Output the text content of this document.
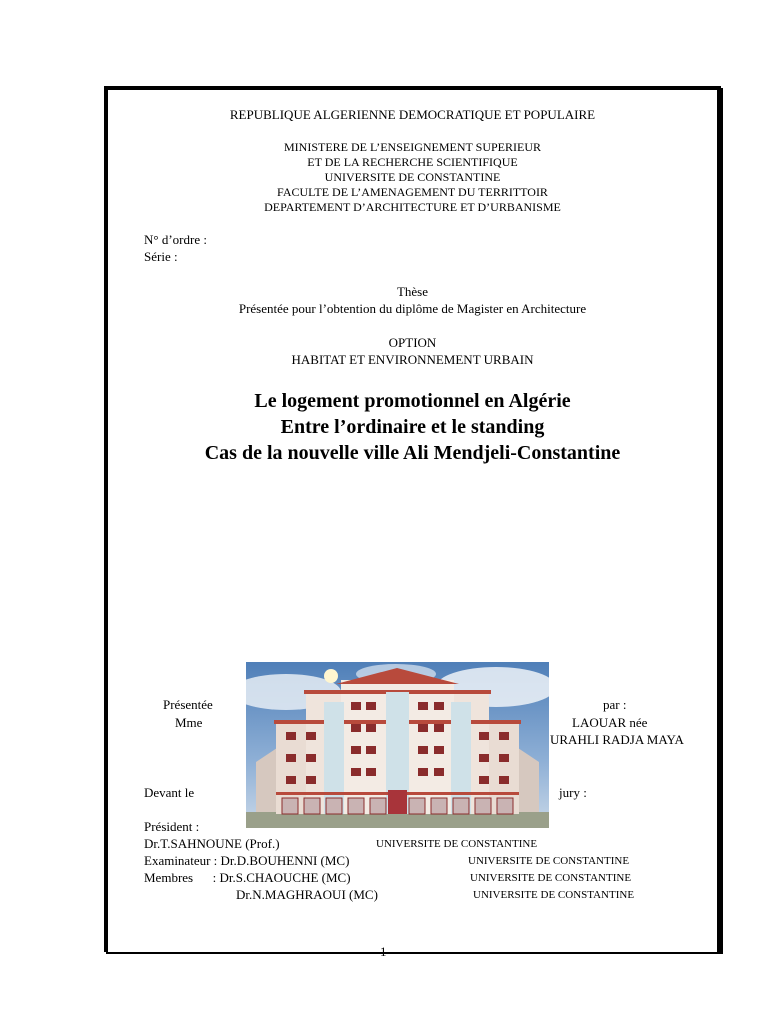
REPUBLIQUE ALGERIENNE DEMOCRATIQUE ET POPULAIRE
MINISTERE DE L’ENSEIGNEMENT SUPERIEUR
ET DE LA RECHERCHE SCIENTIFIQUE
UNIVERSITE DE CONSTANTINE
FACULTE DE L’AMENAGEMENT DU TERRITTOIR
DEPARTEMENT D’ARCHITECTURE ET D’URBANISME
N° d’ordre :
Série :
Thèse
Présentée pour l’obtention du diplôme de Magister en Architecture
OPTION
HABITAT ET ENVIRONNEMENT URBAIN
Le logement promotionnel en Algérie
Entre l’ordinaire et le standing
Cas de la nouvelle ville Ali Mendjeli-Constantine
Présentée	par :
Mme	LAOUAR née
URAHLI RADJA MAYA
Devant le	jury :
Président :
Dr.T.SAHNOUNE (Prof.)	UNIVERSITE DE CONSTANTINE
Examinateur : Dr.D.BOUHENNI (MC)	UNIVERSITE DE CONSTANTINE
Membres      : Dr.S.CHAOUCHE (MC)	UNIVERSITE DE CONSTANTINE
Dr.N.MAGHRAOUI (MC)	UNIVERSITE DE CONSTANTINE
1
